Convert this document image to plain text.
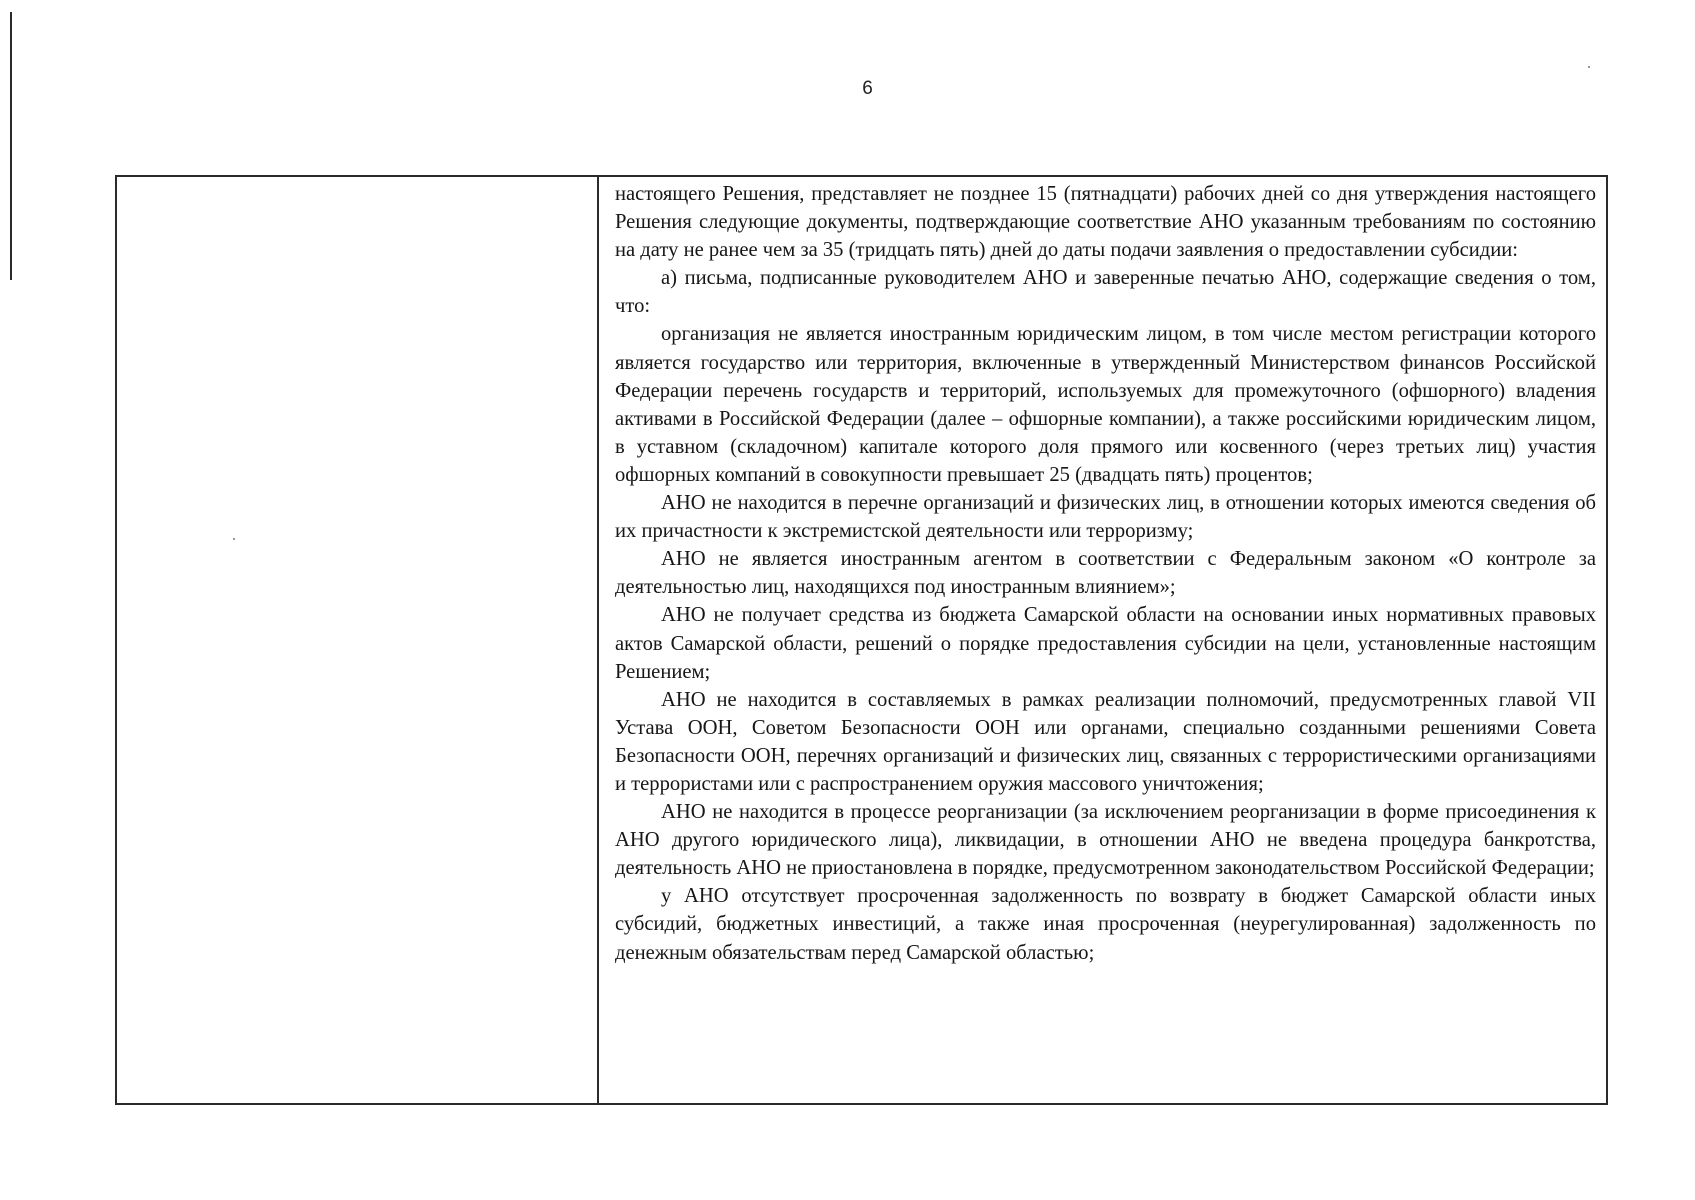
6

настоящего Решения, представляет не позднее 15 (пятнадцати) рабочих дней со дня утверждения настоящего Решения следующие документы, подтверждающие соответствие АНО указанным требованиям по состоянию на дату не ранее чем за 35 (тридцать пять) дней до даты подачи заявления о предоставлении субсидии:

а) письма, подписанные руководителем АНО и заверенные печатью АНО, содержащие сведения о том, что:

организация не является иностранным юридическим лицом, в том числе местом регистрации которого является государство или территория, включенные в утвержденный Министерством финансов Российской Федерации перечень государств и территорий, используемых для промежуточного (офшорного) владения активами в Российской Федерации (далее – офшорные компании), а также российскими юридическим лицом, в уставном (складочном) капитале которого доля прямого или косвенного (через третьих лиц) участия офшорных компаний в совокупности превышает 25 (двадцать пять) процентов;

АНО не находится в перечне организаций и физических лиц, в отношении которых имеются сведения об их причастности к экстремистской деятельности или терроризму;

АНО не является иностранным агентом в соответствии с Федеральным законом «О контроле за деятельностью лиц, находящихся под иностранным влиянием»;

АНО не получает средства из бюджета Самарской области на основании иных нормативных правовых актов Самарской области, решений о порядке предоставления субсидии на цели, установленные настоящим Решением;

АНО не находится в составляемых в рамках реализации полномочий, предусмотренных главой VII Устава ООН, Советом Безопасности ООН или органами, специально созданными решениями Совета Безопасности ООН, перечнях организаций и физических лиц, связанных с террористическими организациями и террористами или с распространением оружия массового уничтожения;

АНО не находится в процессе реорганизации (за исключением реорганизации в форме присоединения к АНО другого юридического лица), ликвидации, в отношении АНО не введена процедура банкротства, деятельность АНО не приостановлена в порядке, предусмотренном законодательством Российской Федерации;

у АНО отсутствует просроченная задолженность по возврату в бюджет Самарской области иных субсидий, бюджетных инвестиций, а также иная просроченная (неурегулированная) задолженность по денежным обязательствам перед Самарской областью;
